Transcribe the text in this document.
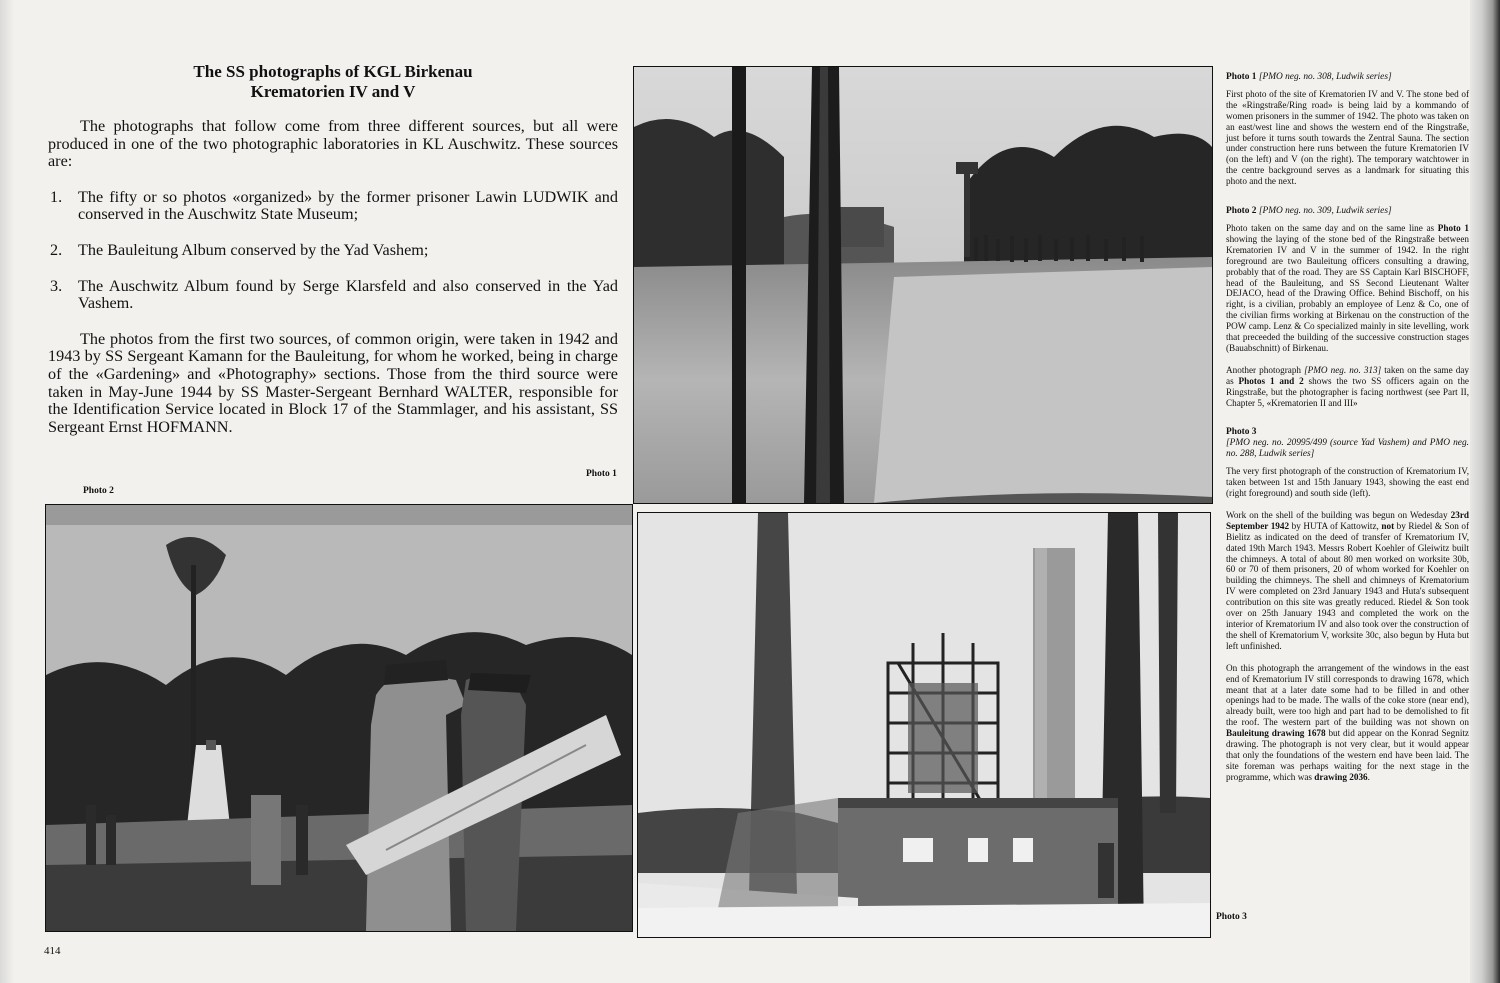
The SS photographs of KGL Birkenau
Krematorien IV and V

The photographs that follow come from three different sources, but all were produced in one of the two photographic laboratories in KL Auschwitz. These sources are:

1. The fifty or so photos «organized» by the former prisoner Lawin LUDWIK and conserved in the Auschwitz State Museum;
2. The Bauleitung Album conserved by the Yad Vashem;
3. The Auschwitz Album found by Serge Klarsfeld and also conserved in the Yad Vashem.

The photos from the first two sources, of common origin, were taken in 1942 and 1943 by SS Sergeant Kamann for the Bauleitung, for whom he worked, being in charge of the «Gardening» and «Photography» sections. Those from the third source were taken in May-June 1944 by SS Master-Sergeant Bernhard WALTER, responsible for the Identification Service located in Block 17 of the Stammlager, and his assistant, SS Sergeant Ernst HOFMANN.

Photo 1
Photo 2
Photo 3
414

Photo 1 [PMO neg. no. 308, Ludwik series]

First photo of the site of Krematorien IV and V. The stone bed of the «Ringstraße/Ring road» is being laid by a kommando of women prisoners in the summer of 1942. The photo was taken on an east/west line and shows the western end of the Ringstraße, just before it turns south towards the Zentral Sauna. The section under construction here runs between the future Krematorien IV (on the left) and V (on the right). The temporary watchtower in the centre background serves as a landmark for situating this photo and the next.

Photo 2 [PMO neg. no. 309, Ludwik series]

Photo taken on the same day and on the same line as Photo 1 showing the laying of the stone bed of the Ringstraße between Krematorien IV and V in the summer of 1942. In the right foreground are two Bauleitung officers consulting a drawing, probably that of the road. They are SS Captain Karl BISCHOFF, head of the Bauleitung, and SS Second Lieutenant Walter DEJACO, head of the Drawing Office. Behind Bischoff, on his right, is a civilian, probably an employee of Lenz & Co, one of the civilian firms working at Birkenau on the construction of the POW camp. Lenz & Co specialized mainly in site levelling, work that preceeded the building of the successive construction stages (Bauabschnitt) of Birkenau.

Another photograph [PMO neg. no. 313] taken on the same day as Photos 1 and 2 shows the two SS officers again on the Ringstraße, but the photographer is facing northwest (see Part II, Chapter 5, «Krematorien II and III»

Photo 3
[PMO neg. no. 20995/499 (source Yad Vashem) and PMO neg. no. 288, Ludwik series]

The very first photograph of the construction of Krematorium IV, taken between 1st and 15th January 1943, showing the east end (right foreground) and south side (left).

Work on the shell of the building was begun on Wedesday 23rd September 1942 by HUTA of Kattowitz, not by Riedel & Son of Bielitz as indicated on the deed of transfer of Krematorium IV, dated 19th March 1943. Messrs Robert Koehler of Gleiwitz built the chimneys. A total of about 80 men worked on worksite 30b, 60 or 70 of them prisoners, 20 of whom worked for Koehler on building the chimneys. The shell and chimneys of Krematorium IV were completed on 23rd January 1943 and Huta's subsequent contribution on this site was greatly reduced. Riedel & Son took over on 25th January 1943 and completed the work on the interior of Krematorium IV and also took over the construction of the shell of Krematorium V, worksite 30c, also begun by Huta but left unfinished.

On this photograph the arrangement of the windows in the east end of Krematorium IV still corresponds to drawing 1678, which meant that at a later date some had to be filled in and other openings had to be made. The walls of the coke store (near end), already built, were too high and part had to be demolished to fit the roof. The western part of the building was not shown on Bauleitung drawing 1678 but did appear on the Konrad Segnitz drawing. The photograph is not very clear, but it would appear that only the foundations of the western end have been laid. The site foreman was perhaps waiting for the next stage in the programme, which was drawing 2036.
